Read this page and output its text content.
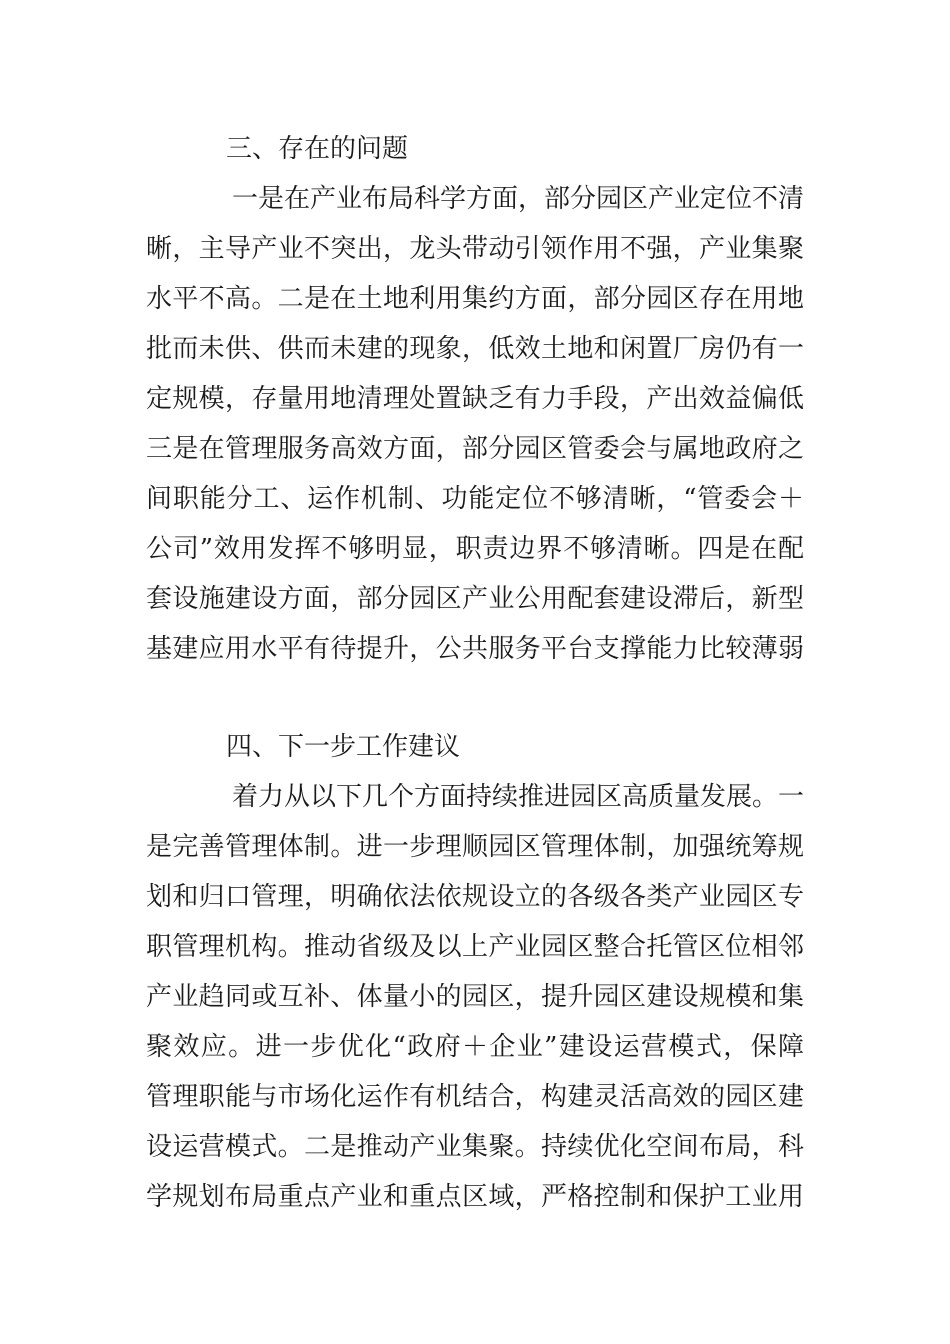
三、存在的问题
一是在产业布局科学方面，部分园区产业定位不清
晰，主导产业不突出，龙头带动引领作用不强，产业集聚
水平不高。二是在土地利用集约方面，部分园区存在用地
批而未供、供而未建的现象，低效土地和闲置厂房仍有一
定规模，存量用地清理处置缺乏有力手段，产出效益偏低
三是在管理服务高效方面，部分园区管委会与属地政府之
间职能分工、运作机制、功能定位不够清晰，“管委会＋
公司”效用发挥不够明显，职责边界不够清晰。四是在配
套设施建设方面，部分园区产业公用配套建设滞后，新型
基建应用水平有待提升，公共服务平台支撑能力比较薄弱
四、下一步工作建议
着力从以下几个方面持续推进园区高质量发展。一
是完善管理体制。进一步理顺园区管理体制，加强统筹规
划和归口管理，明确依法依规设立的各级各类产业园区专
职管理机构。推动省级及以上产业园区整合托管区位相邻
产业趋同或互补、体量小的园区，提升园区建设规模和集
聚效应。进一步优化“政府＋企业”建设运营模式，保障
管理职能与市场化运作有机结合，构建灵活高效的园区建
设运营模式。二是推动产业集聚。持续优化空间布局，科
学规划布局重点产业和重点区域，严格控制和保护工业用
